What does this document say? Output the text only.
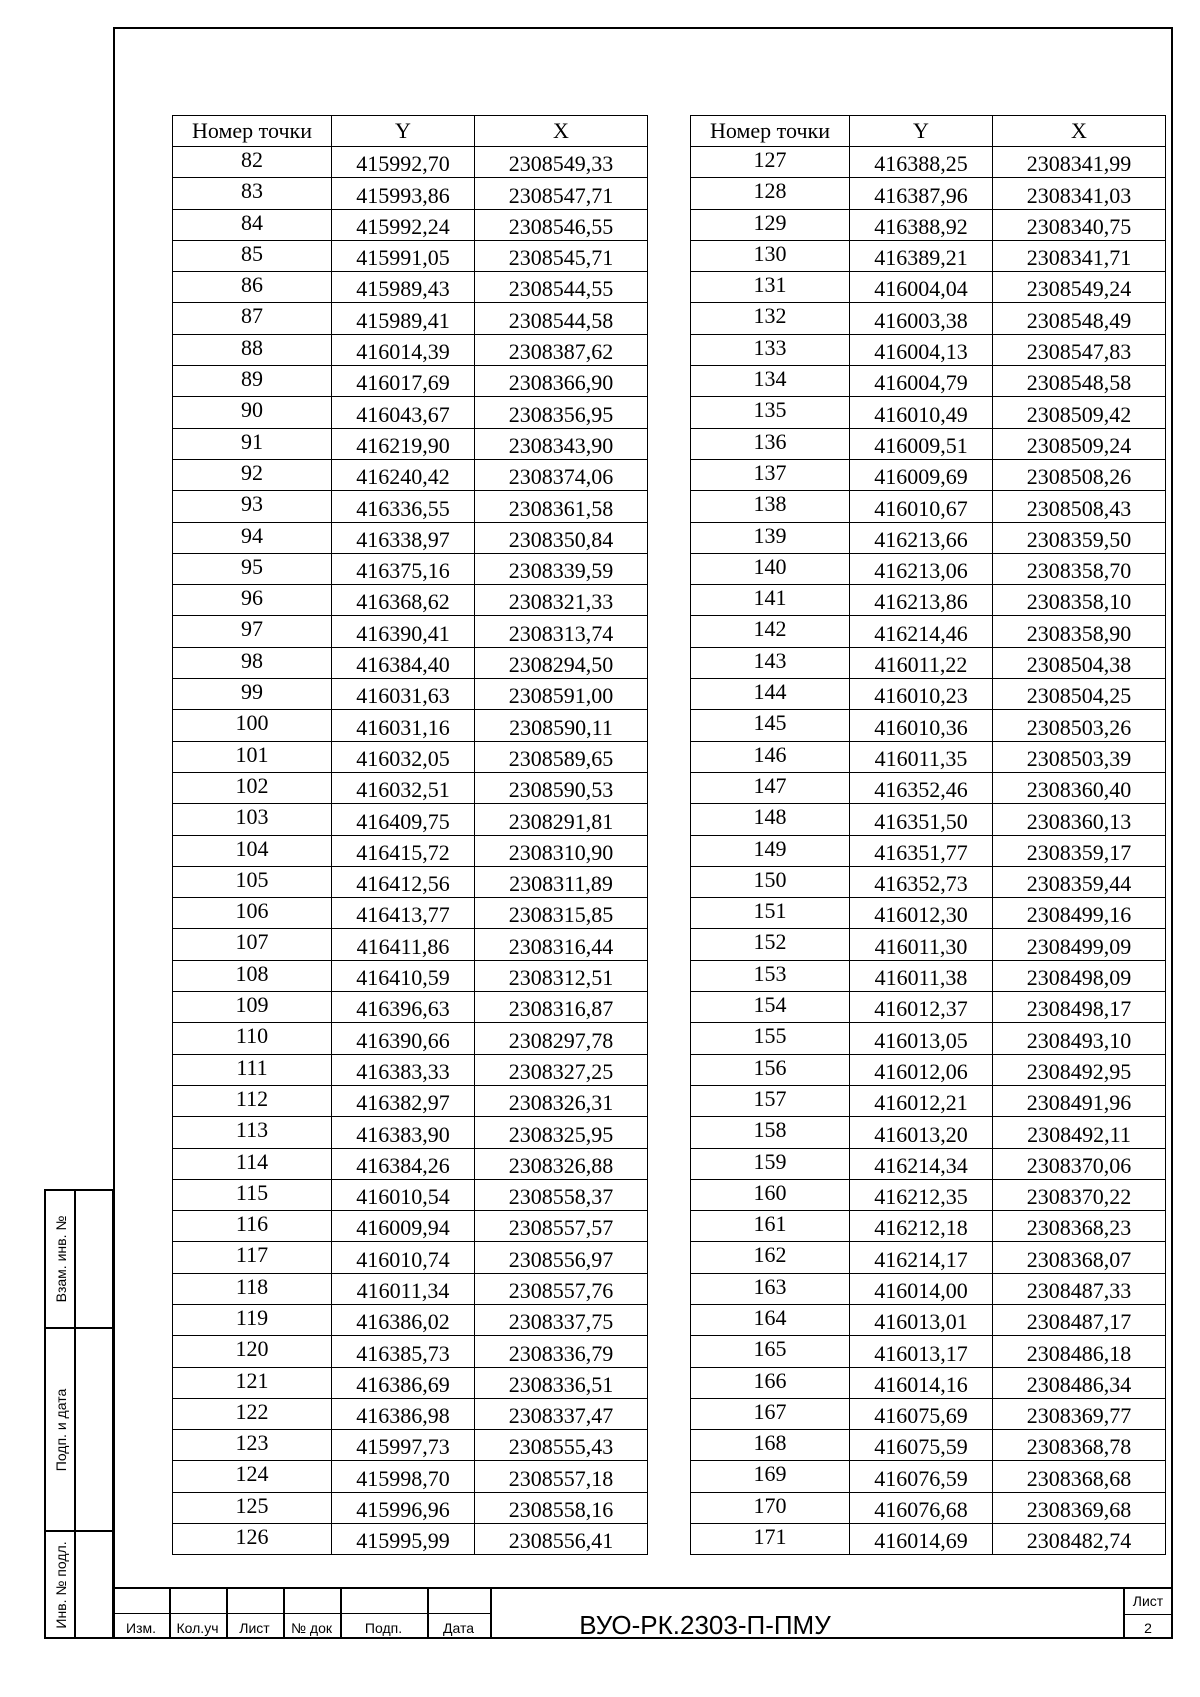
Номер точки	Y	X
82	415992,70	2308549,33
83	415993,86	2308547,71
84	415992,24	2308546,55
85	415991,05	2308545,71
86	415989,43	2308544,55
87	415989,41	2308544,58
88	416014,39	2308387,62
89	416017,69	2308366,90
90	416043,67	2308356,95
91	416219,90	2308343,90
92	416240,42	2308374,06
93	416336,55	2308361,58
94	416338,97	2308350,84
95	416375,16	2308339,59
96	416368,62	2308321,33
97	416390,41	2308313,74
98	416384,40	2308294,50
99	416031,63	2308591,00
100	416031,16	2308590,11
101	416032,05	2308589,65
102	416032,51	2308590,53
103	416409,75	2308291,81
104	416415,72	2308310,90
105	416412,56	2308311,89
106	416413,77	2308315,85
107	416411,86	2308316,44
108	416410,59	2308312,51
109	416396,63	2308316,87
110	416390,66	2308297,78
111	416383,33	2308327,25
112	416382,97	2308326,31
113	416383,90	2308325,95
114	416384,26	2308326,88
115	416010,54	2308558,37
116	416009,94	2308557,57
117	416010,74	2308556,97
118	416011,34	2308557,76
119	416386,02	2308337,75
120	416385,73	2308336,79
121	416386,69	2308336,51
122	416386,98	2308337,47
123	415997,73	2308555,43
124	415998,70	2308557,18
125	415996,96	2308558,16
126	415995,99	2308556,41
Номер точки	Y	X
127	416388,25	2308341,99
128	416387,96	2308341,03
129	416388,92	2308340,75
130	416389,21	2308341,71
131	416004,04	2308549,24
132	416003,38	2308548,49
133	416004,13	2308547,83
134	416004,79	2308548,58
135	416010,49	2308509,42
136	416009,51	2308509,24
137	416009,69	2308508,26
138	416010,67	2308508,43
139	416213,66	2308359,50
140	416213,06	2308358,70
141	416213,86	2308358,10
142	416214,46	2308358,90
143	416011,22	2308504,38
144	416010,23	2308504,25
145	416010,36	2308503,26
146	416011,35	2308503,39
147	416352,46	2308360,40
148	416351,50	2308360,13
149	416351,77	2308359,17
150	416352,73	2308359,44
151	416012,30	2308499,16
152	416011,30	2308499,09
153	416011,38	2308498,09
154	416012,37	2308498,17
155	416013,05	2308493,10
156	416012,06	2308492,95
157	416012,21	2308491,96
158	416013,20	2308492,11
159	416214,34	2308370,06
160	416212,35	2308370,22
161	416212,18	2308368,23
162	416214,17	2308368,07
163	416014,00	2308487,33
164	416013,01	2308487,17
165	416013,17	2308486,18
166	416014,16	2308486,34
167	416075,69	2308369,77
168	416075,59	2308368,78
169	416076,59	2308368,68
170	416076,68	2308369,68
171	416014,69	2308482,74
Взам. инв. №
Подп. и дата
Инв. № подл.	Изм.	Кол.уч	Лист	№ док	Подп.	Дата
Лист
2
ВУО-РК.2303-П-ПМУ
